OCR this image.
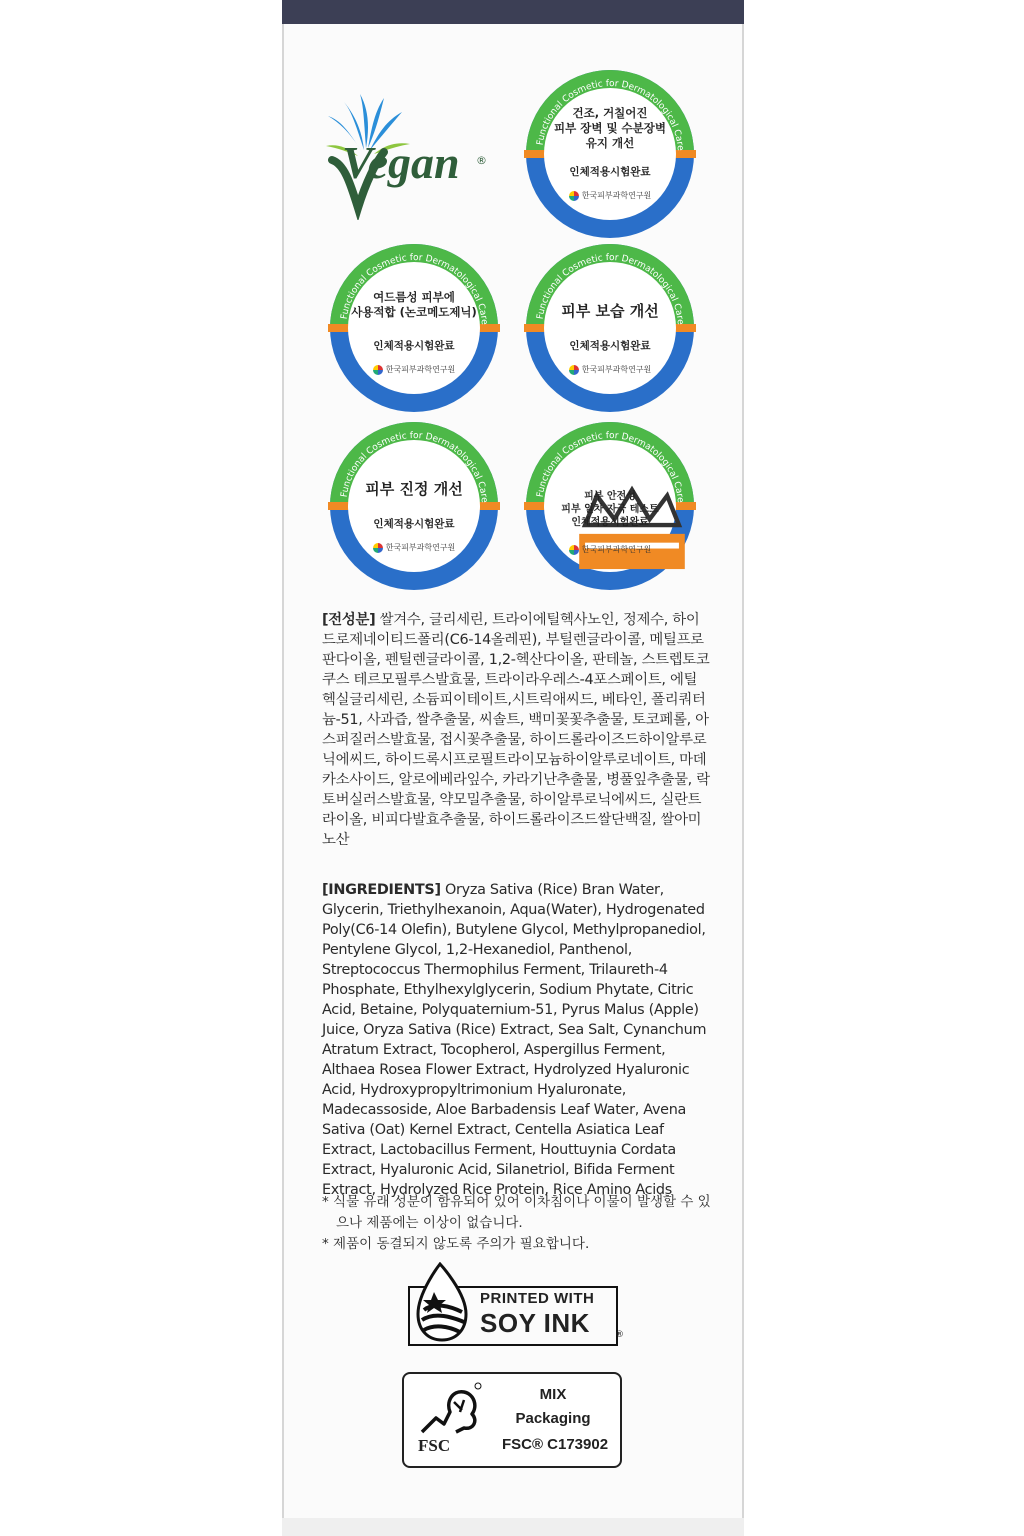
Vegan ®
Functional Cosmetic for Dermatological Care
건조, 거칠어진
피부 장벽 및 수분장벽
유지 개선
인체적용시험완료
한국피부과학연구원
Functional Cosmetic for Dermatological Care
여드름성 피부에
사용적합 (논코메도제닉)
인체적용시험완료
한국피부과학연구원
Functional Cosmetic for Dermatological Care
피부 보습 개선
인체적용시험완료
한국피부과학연구원
Functional Cosmetic for Dermatological Care
피부 진정 개선
인체적용시험완료
한국피부과학연구원
Functional Cosmetic for Dermatological Care
피부 안전성
피부 일차 자극 테스트
인체적용시험완료
한국피부과학연구원
[전성분] 쌀겨수, 글리세린, 트라이에틸헥사노인, 정제수, 하이드로제네이티드폴리(C6-14올레핀), 부틸렌글라이콜, 메틸프로판다이올, 펜틸렌글라이콜, 1,2-헥산다이올, 판테놀, 스트렙토코쿠스 테르모필루스발효물, 트라이라우레스-4포스페이트, 에틸헥실글리세린, 소듐피이테이트,시트릭애씨드, 베타인, 폴리쿼터늄-51, 사과즙, 쌀추출물, 씨솔트, 백미꽃꽃추출물, 토코페롤, 아스퍼질러스발효물, 접시꽃추출물, 하이드롤라이즈드하이알루로닉에씨드, 하이드록시프로필트라이모늄하이알루로네이트, 마데카소사이드, 알로에베라잎수, 카라기난추출물, 병풀잎추출물, 락토버실러스발효물, 약모밀추출물, 하이알루로닉에씨드, 실란트라이올, 비피다발효추출물, 하이드롤라이즈드쌀단백질, 쌀아미노산
[INGREDIENTS] Oryza Sativa (Rice) Bran Water, Glycerin, Triethylhexanoin, Aqua(Water), Hydrogenated Poly(C6-14 Olefin), Butylene Glycol, Methylpropanediol, Pentylene Glycol, 1,2-Hexanediol, Panthenol, Streptococcus Thermophilus Ferment, Trilaureth-4 Phosphate, Ethylhexylglycerin, Sodium Phytate, Citric Acid, Betaine, Polyquaternium-51, Pyrus Malus (Apple) Juice, Oryza Sativa (Rice) Extract, Sea Salt, Cynanchum Atratum Extract, Tocopherol, Aspergillus Ferment, Althaea Rosea Flower Extract, Hydrolyzed Hyaluronic Acid, Hydroxypropyltrimonium Hyaluronate, Madecassoside, Aloe Barbadensis Leaf Water, Avena Sativa (Oat) Kernel Extract, Centella Asiatica Leaf Extract, Lactobacillus Ferment, Houttuynia Cordata Extract, Hyaluronic Acid, Silanetriol, Bifida Ferment Extract, Hydrolyzed Rice Protein, Rice Amino Acids
* 식물 유래 성분이 함유되어 있어 이차침이나 이물이 발생할 수 있으나 제품에는 이상이 없습니다.
* 제품이 동결되지 않도록 주의가 필요합니다.
PRINTED WITH
SOY INK	®
FSC
MIX
Packaging
FSC® C173902
